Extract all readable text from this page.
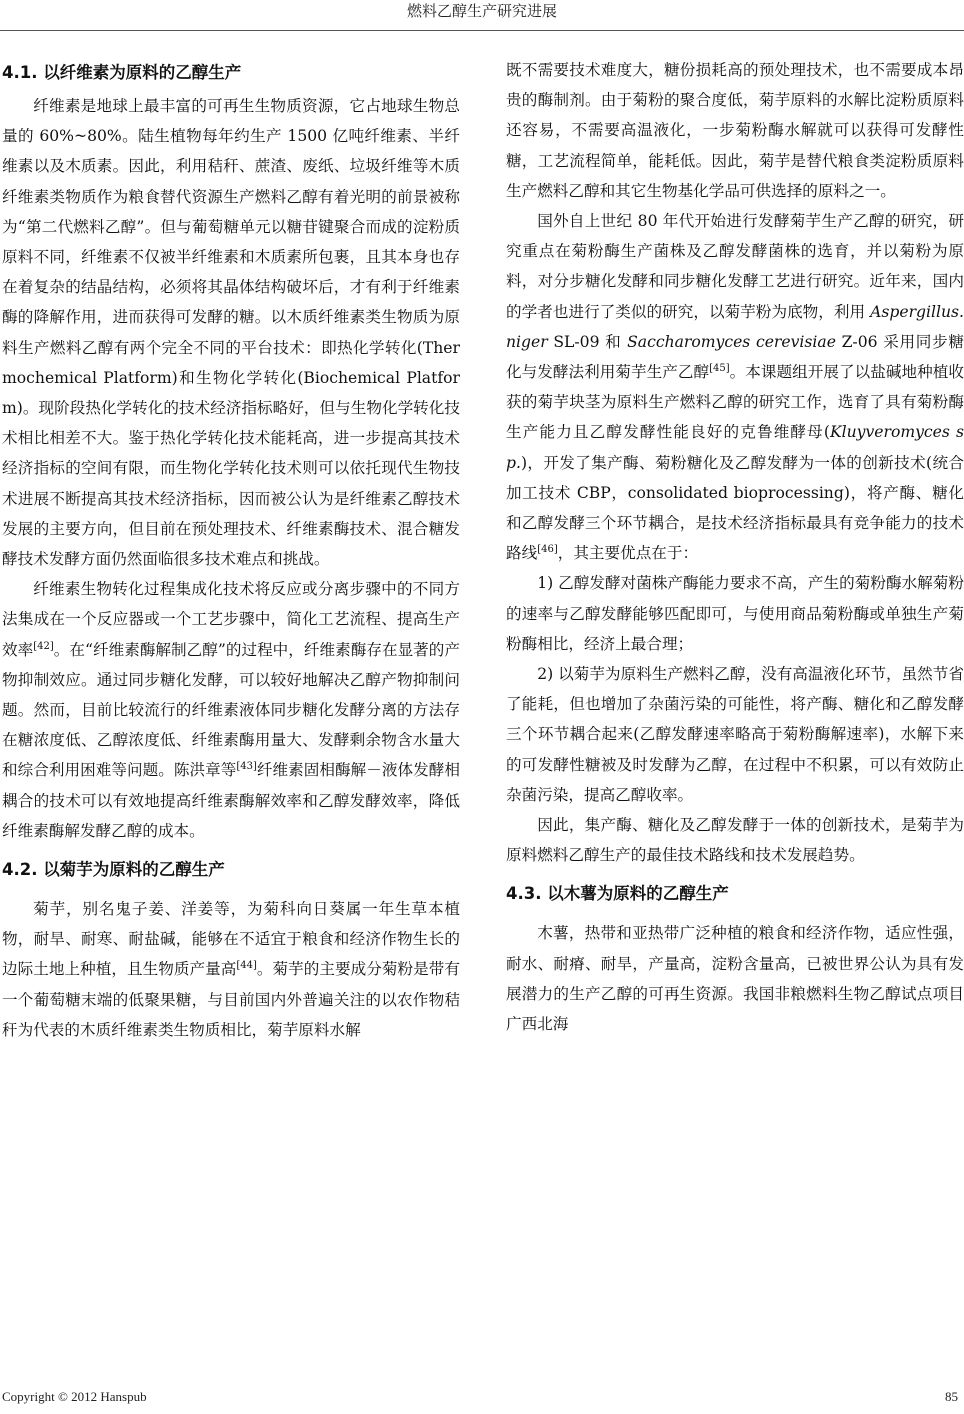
燃料乙醇生产研究进展
4.1. 以纤维素为原料的乙醇生产

纤维素是地球上最丰富的可再生生物质资源，它占地球生物总量的 60%~80%。陆生植物每年约生产 1500 亿吨纤维素、半纤维素以及木质素。因此，利用秸秆、蔗渣、废纸、垃圾纤维等木质纤维素类物质作为粮食替代资源生产燃料乙醇有着光明的前景被称为“第二代燃料乙醇”。但与葡萄糖单元以糖苷键聚合而成的淀粉质原料不同，纤维素不仅被半纤维素和木质素所包裹，且其本身也存在着复杂的结晶结构，必须将其晶体结构破坏后，才有利于纤维素酶的降解作用，进而获得可发酵的糖。以木质纤维素类生物质为原料生产燃料乙醇有两个完全不同的平台技术：即热化学转化(Thermochemical Platform)和生物化学转化(Biochemical Platform)。现阶段热化学转化的技术经济指标略好，但与生物化学转化技术相比相差不大。鉴于热化学转化技术能耗高，进一步提高其技术经济指标的空间有限，而生物化学转化技术则可以依托现代生物技术进展不断提高其技术经济指标，因而被公认为是纤维素乙醇技术发展的主要方向，但目前在预处理技术、纤维素酶技术、混合糖发酵技术发酵方面仍然面临很多技术难点和挑战。

纤维素生物转化过程集成化技术将反应或分离步骤中的不同方法集成在一个反应器或一个工艺步骤中，简化工艺流程、提高生产效率[42]。在“纤维素酶解制乙醇”的过程中，纤维素酶存在显著的产物抑制效应。通过同步糖化发酵，可以较好地解决乙醇产物抑制问题。然而，目前比较流行的纤维素液体同步糖化发酵分离的方法存在糖浓度低、乙醇浓度低、纤维素酶用量大、发酵剩余物含水量大和综合利用困难等问题。陈洪章等[43]纤维素固相酶解－液体发酵相耦合的技术可以有效地提高纤维素酶解效率和乙醇发酵效率，降低纤维素酶解发酵乙醇的成本。

4.2. 以菊芋为原料的乙醇生产

菊芋，别名鬼子姜、洋姜等，为菊科向日葵属一年生草本植物，耐旱、耐寒、耐盐碱，能够在不适宜于粮食和经济作物生长的边际土地上种植，且生物质产量高[44]。菊芋的主要成分菊粉是带有一个葡萄糖末端的低聚果糖，与目前国内外普遍关注的以农作物秸秆为代表的木质纤维素类生物质相比，菊芋原料水解

既不需要技术难度大，糖份损耗高的预处理技术，也不需要成本昂贵的酶制剂。由于菊粉的聚合度低，菊芋原料的水解比淀粉质原料还容易，不需要高温液化，一步菊粉酶水解就可以获得可发酵性糖，工艺流程简单，能耗低。因此，菊芋是替代粮食类淀粉质原料生产燃料乙醇和其它生物基化学品可供选择的原料之一。

国外自上世纪 80 年代开始进行发酵菊芋生产乙醇的研究，研究重点在菊粉酶生产菌株及乙醇发酵菌株的选育，并以菊粉为原料，对分步糖化发酵和同步糖化发酵工艺进行研究。近年来，国内的学者也进行了类似的研究，以菊芋粉为底物，利用 Aspergillus. niger SL-09 和 Saccharomyces cerevisiae Z-06 采用同步糖化与发酵法利用菊芋生产乙醇[45]。本课题组开展了以盐碱地种植收获的菊芋块茎为原料生产燃料乙醇的研究工作，选育了具有菊粉酶生产能力且乙醇发酵性能良好的克鲁维酵母(Kluyveromyces sp.)，开发了集产酶、菊粉糖化及乙醇发酵为一体的创新技术(统合加工技术 CBP，consolidated bioprocessing)，将产酶、糖化和乙醇发酵三个环节耦合，是技术经济指标最具有竞争能力的技术路线[46]，其主要优点在于：

1) 乙醇发酵对菌株产酶能力要求不高，产生的菊粉酶水解菊粉的速率与乙醇发酵能够匹配即可，与使用商品菊粉酶或单独生产菊粉酶相比，经济上最合理；

2) 以菊芋为原料生产燃料乙醇，没有高温液化环节，虽然节省了能耗，但也增加了杂菌污染的可能性，将产酶、糖化和乙醇发酵三个环节耦合起来(乙醇发酵速率略高于菊粉酶解速率)，水解下来的可发酵性糖被及时发酵为乙醇，在过程中不积累，可以有效防止杂菌污染，提高乙醇收率。

因此，集产酶、糖化及乙醇发酵于一体的创新技术，是菊芋为原料燃料乙醇生产的最佳技术路线和技术发展趋势。

4.3. 以木薯为原料的乙醇生产

木薯，热带和亚热带广泛种植的粮食和经济作物，适应性强，耐水、耐瘠、耐旱，产量高，淀粉含量高，已被世界公认为具有发展潜力的生产乙醇的可再生资源。我国非粮燃料生物乙醇试点项目广西北海

Copyright © 2012 Hanspub	85
